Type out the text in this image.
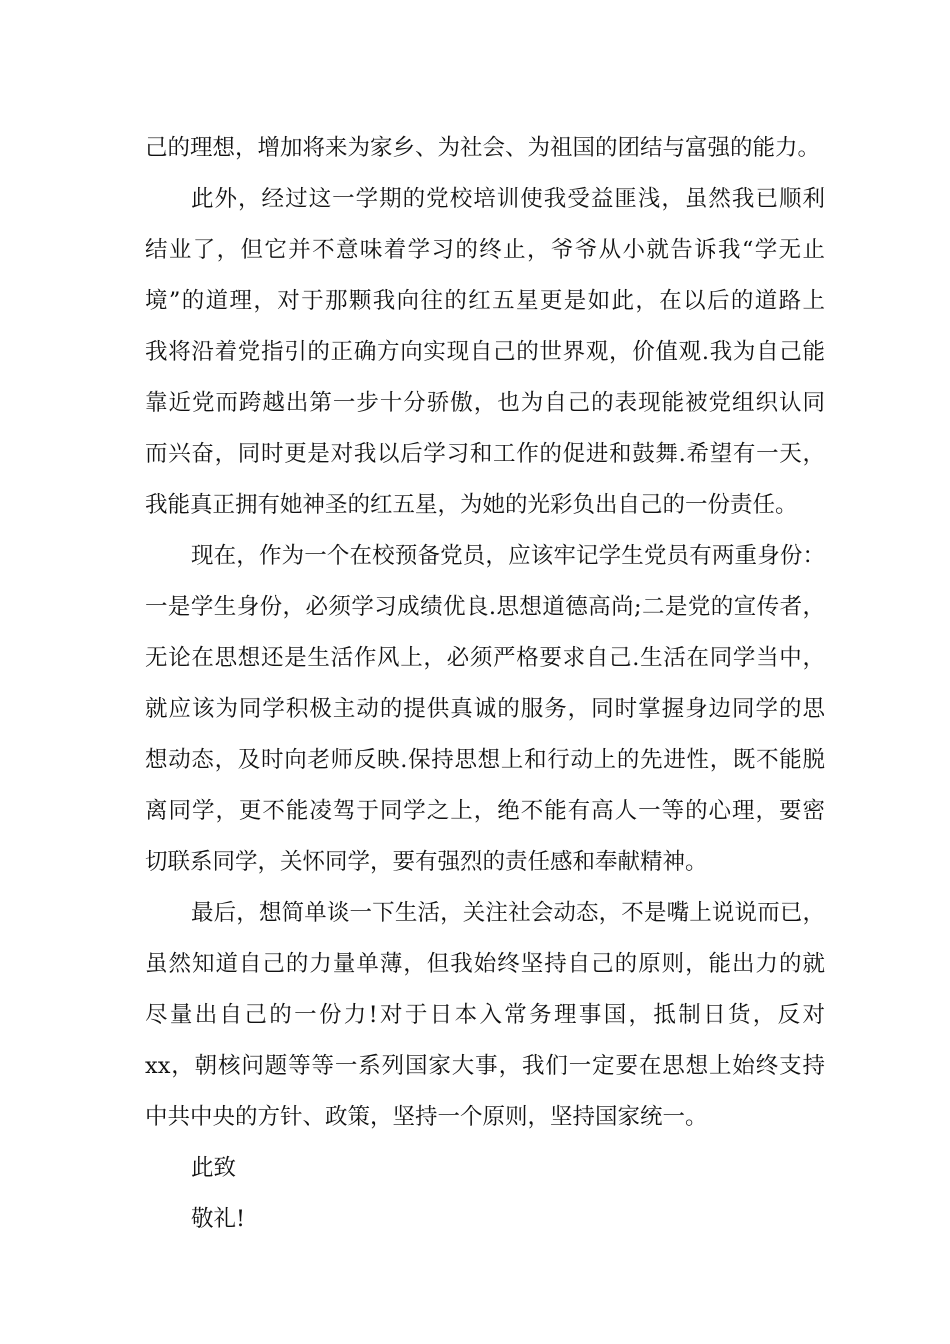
己的理想，增加将来为家乡、为社会、为祖国的团结与富强的能力。
此外，经过这一学期的党校培训使我受益匪浅，虽然我已顺利
结业了，但它并不意味着学习的终止，爷爷从小就告诉我“学无止
境”的道理，对于那颗我向往的红五星更是如此，在以后的道路上
我将沿着党指引的正确方向实现自己的世界观，价值观.我为自己能
靠近党而跨越出第一步十分骄傲，也为自己的表现能被党组织认同
而兴奋，同时更是对我以后学习和工作的促进和鼓舞.希望有一天，
我能真正拥有她神圣的红五星，为她的光彩负出自己的一份责任。
现在，作为一个在校预备党员，应该牢记学生党员有两重身份：
一是学生身份，必须学习成绩优良.思想道德高尚;二是党的宣传者，
无论在思想还是生活作风上，必须严格要求自己.生活在同学当中，
就应该为同学积极主动的提供真诚的服务，同时掌握身边同学的思
想动态，及时向老师反映.保持思想上和行动上的先进性，既不能脱
离同学，更不能凌驾于同学之上，绝不能有高人一等的心理，要密
切联系同学，关怀同学，要有强烈的责任感和奉献精神。
最后，想简单谈一下生活，关注社会动态，不是嘴上说说而已，
虽然知道自己的力量单薄，但我始终坚持自己的原则，能出力的就
尽量出自己的一份力!对于日本入常务理事国，抵制日货，反对
xx，朝核问题等等一系列国家大事，我们一定要在思想上始终支持
中共中央的方针、政策，坚持一个原则，坚持国家统一。
此致
敬礼!
